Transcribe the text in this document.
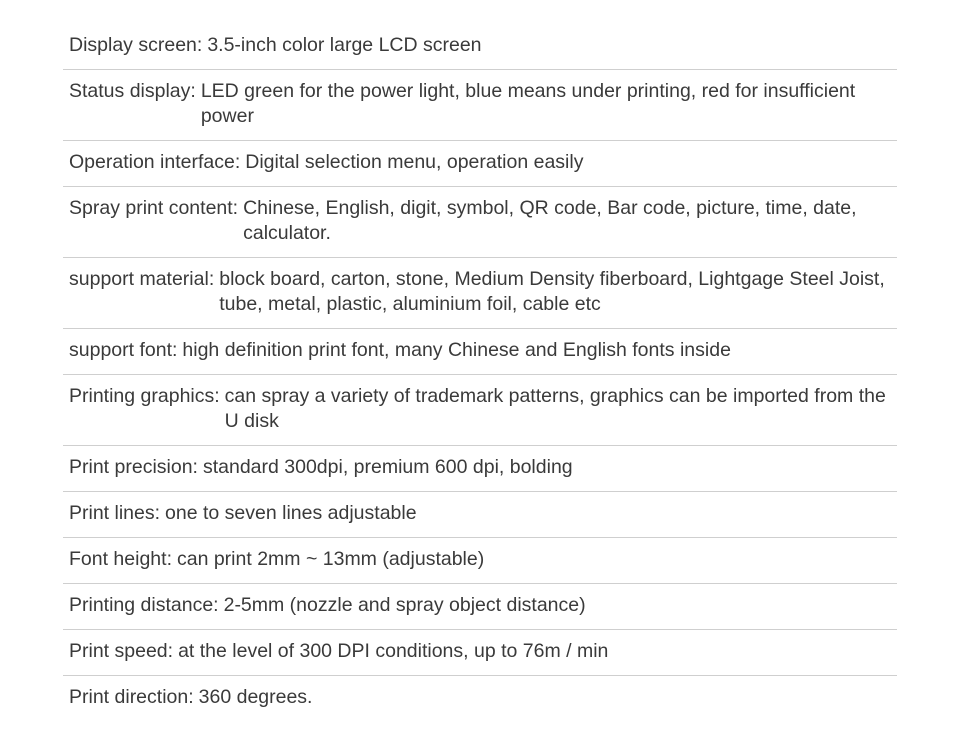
Display screen: 3.5-inch color large LCD screen
Status display: LED green for the power light, blue means under printing, red for insufficient power
Operation interface: Digital selection menu, operation easily
Spray print content: Chinese, English, digit, symbol, QR code, Bar code, picture, time, date, calculator.
support material: block board, carton, stone, Medium Density fiberboard, Lightgage Steel Joist, tube, metal, plastic, aluminium foil, cable etc
support font: high definition print font, many Chinese and English fonts inside
Printing graphics: can spray a variety of trademark patterns, graphics can be imported from the U disk
Print precision: standard 300dpi, premium 600 dpi, bolding
Print lines: one to seven lines adjustable
Font height: can print 2mm ~ 13mm (adjustable)
Printing distance: 2-5mm (nozzle and spray object distance)
Print speed: at the level of 300 DPI conditions, up to 76m / min
Print direction: 360 degrees.
